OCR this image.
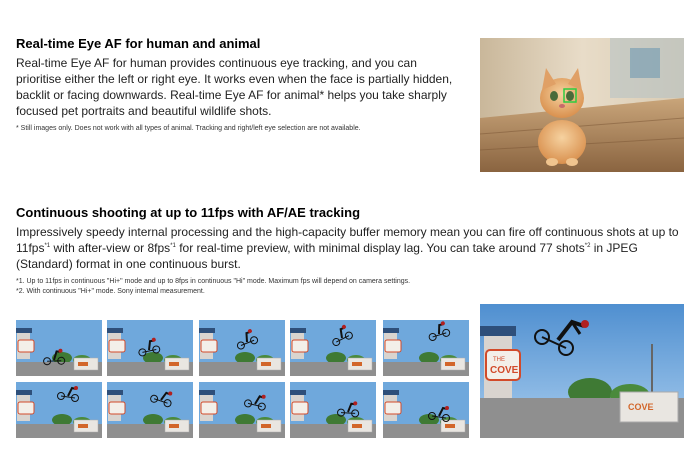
Real-time Eye AF for human and animal

Real-time Eye AF for human provides continuous eye tracking, and you can prioritise either the left or right eye. It works even when the face is partially hidden, backlit or facing downwards. Real-time Eye AF for animal* helps you take sharply focused pet portraits and beautiful wildlife shots.

* Still images only. Does not work with all types of animal. Tracking and right/left eye selection are not available.

Continuous shooting at up to 11fps with AF/AE tracking

Impressively speedy internal processing and the high-capacity buffer memory mean you can fire off continuous shots at up to 11fps$^{*1}$ with after-view or 8fps$^{*1}$ for real-time preview, with minimal display lag. You can take around 77 shots$^{*2}$ in JPEG (Standard) format in one continuous burst.

*1. Up to 11fps in continuous "Hi+" mode and up to 8fps in continuous "Hi" mode. Maximum fps will depend on camera settings.

*2. With continuous "Hi+" mode. Sony internal measurement.

THE
COVE
COVE
